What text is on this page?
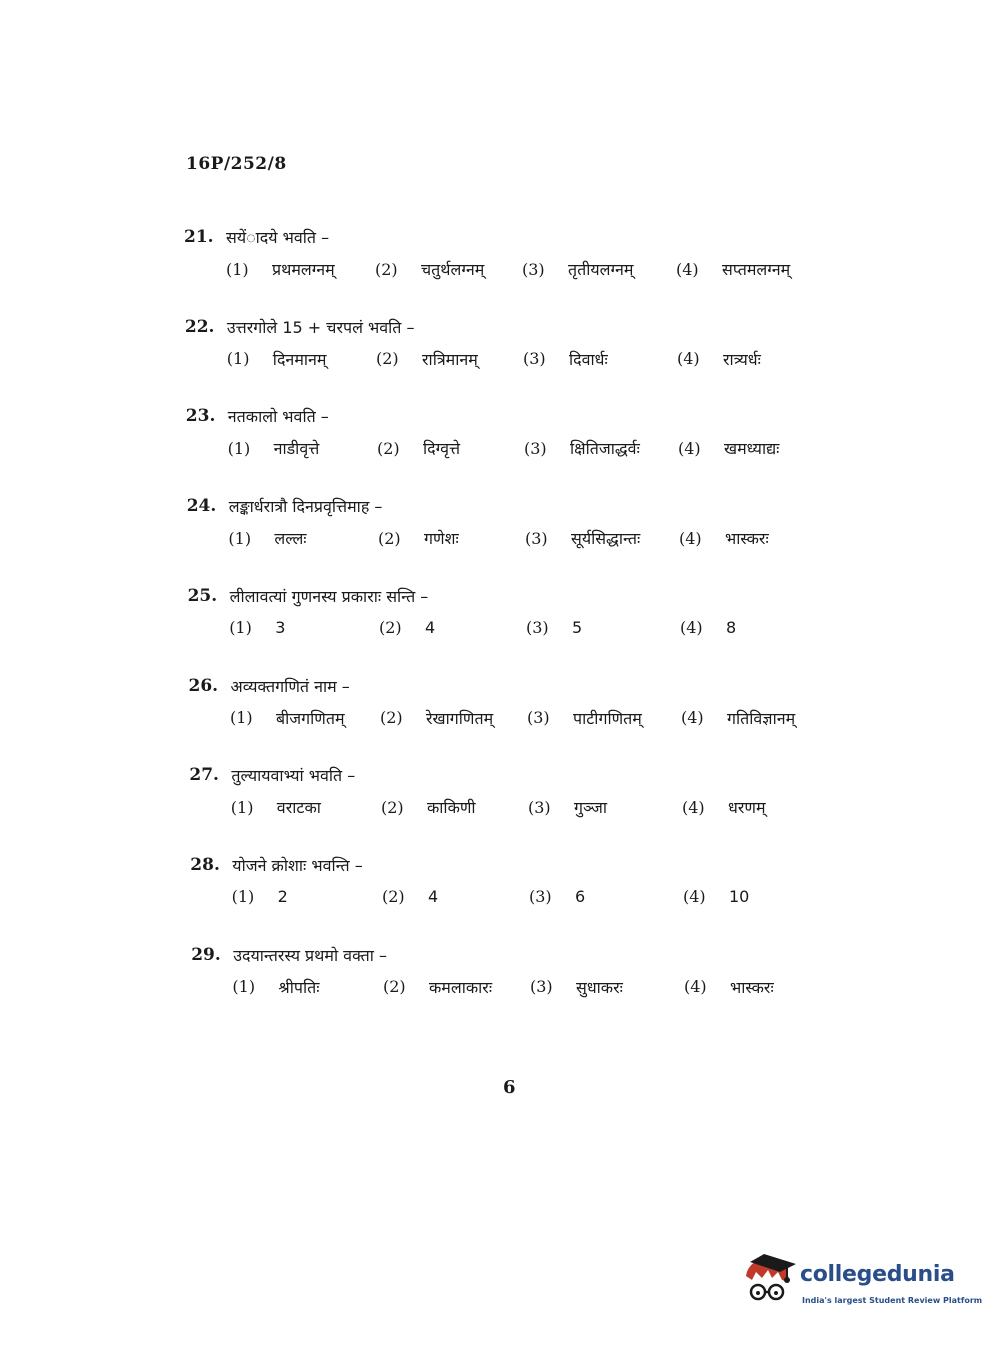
16P/252/8
21. सयेंादये भवति –
(1)	प्रथमलग्नम्	(2)	चतुर्थलग्नम् (3)	तृतीयलग्नम्	(4)	सप्तमलग्नम्
22. उत्तरगोले 15 + चरपलं भवति –
(1)	दिनमानम्	(2)	रात्रिमानम्	(3)	दिवार्धः	(4)	रात्र्यर्धः
23. नतकालो भवति –
(1)	नाडीवृत्ते	(2)	दिग्वृत्ते	(3)	क्षितिजाद्धर्वः (4)	खमध्याद्यः
24. लङ्कार्धरात्रौ दिनप्रवृत्तिमाह –
(1)	लल्लः	(2)	गणेशः	(3)	सूर्यसिद्धान्तः (4)	भास्करः
25. लीलावत्यां गुणनस्य प्रकाराः सन्ति –
(1)	3	(2)	4	(3)	5	(4)	8
26. अव्यक्तगणितं नाम –
(1)	बीजगणितम् (2)	रेखागणितम् (3)	पाटीगणितम् (4)	गतिविज्ञानम्
27. तुल्यायवाभ्यां भवति –
(1)	वराटका	(2)	काकिणी	(3)	गुञ्जा	(4)	धरणम्
28. योजने क्रोशाः भवन्ति –
(1)	2	(2)	4	(3)	6	(4)	10
29. उदयान्तरस्य प्रथमो वक्ता –
(1)	श्रीपतिः	(2)	कमलाकारः (3)	सुधाकरः	(4)	भास्करः
6
collegedunia
India's largest Student Review Platform
